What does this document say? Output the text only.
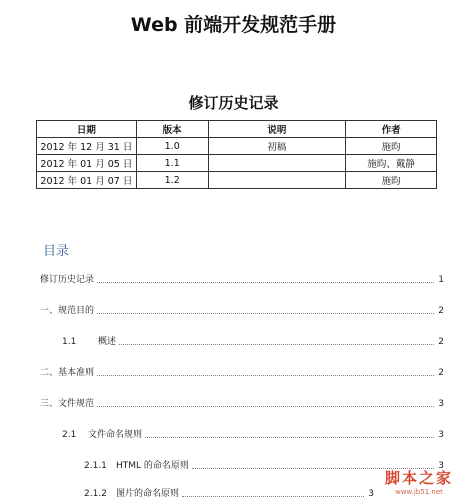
Web 前端开发规范手册
修订历史记录
日期	版本	说明	作者
2012 年 12 月 31 日	1.0	初稿	施昀
2012 年 01 月 05 日	1.1		施昀、戴静
2012 年 01 月 07 日	1.2		施昀
目录
修订历史记录	1
一、规范目的	2
1.1	概述	2
二、基本准则	2
三、文件规范	3
2.1	文件命名规则	3
2.1.1	HTML 的命名原则	3
2.1.2	图片的命名原则	3
脚本之家
www.jb51.net
